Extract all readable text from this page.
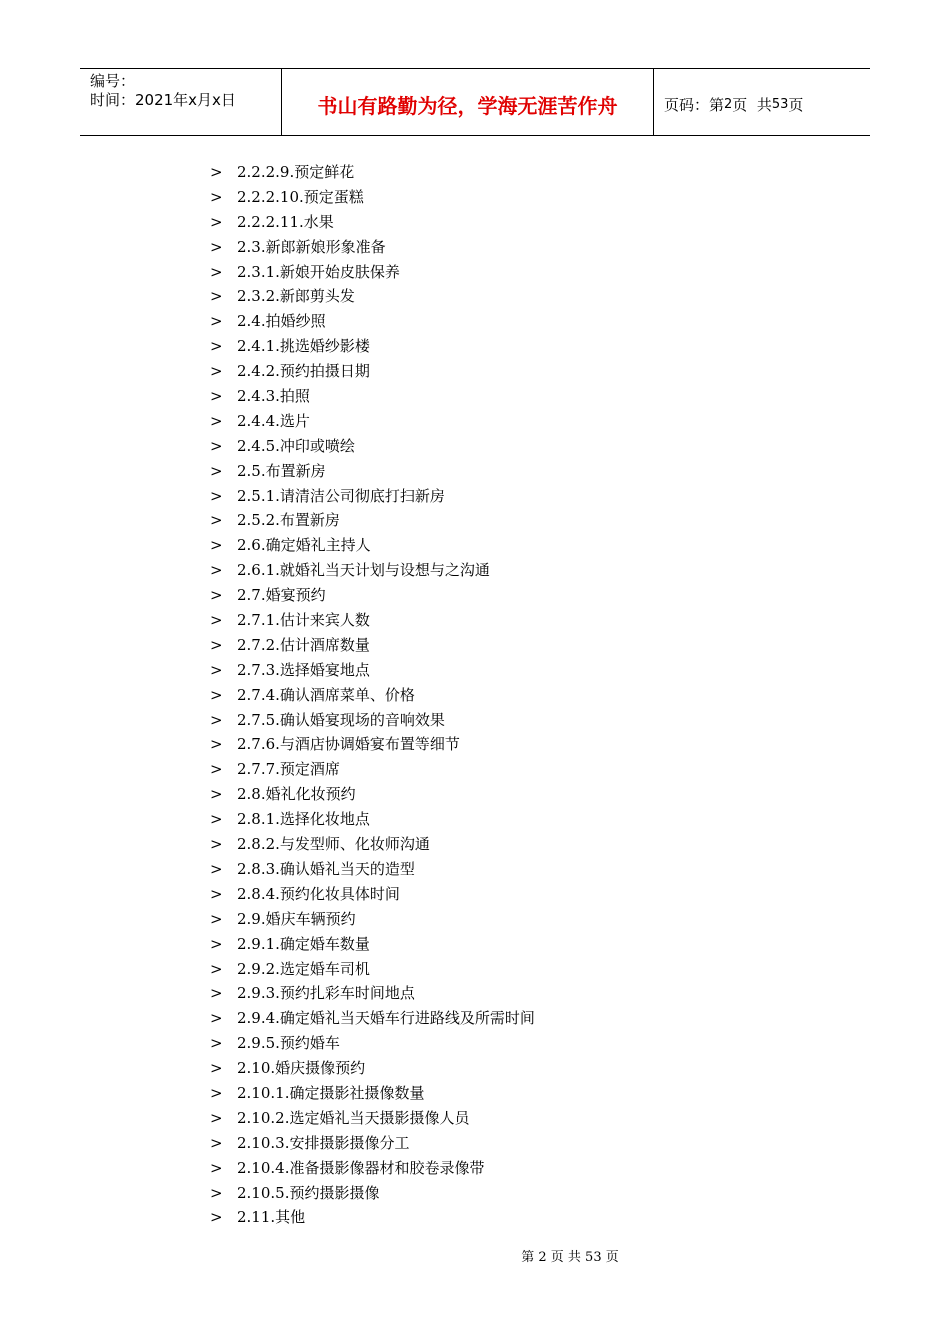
编号：
时间：2021年x月x日	书山有路勤为径，学海无涯苦作舟	页码：第 2 页  共 53 页
> 2.2.2.9.预定鲜花
> 2.2.2.10.预定蛋糕
> 2.2.2.11.水果
> 2.3.新郎新娘形象准备
> 2.3.1.新娘开始皮肤保养
> 2.3.2.新郎剪头发
> 2.4.拍婚纱照
> 2.4.1.挑选婚纱影楼
> 2.4.2.预约拍摄日期
> 2.4.3.拍照
> 2.4.4.选片
> 2.4.5.冲印或喷绘
> 2.5.布置新房
> 2.5.1.请清洁公司彻底打扫新房
> 2.5.2.布置新房
> 2.6.确定婚礼主持人
> 2.6.1.就婚礼当天计划与设想与之沟通
> 2.7.婚宴预约
> 2.7.1.估计来宾人数
> 2.7.2.估计酒席数量
> 2.7.3.选择婚宴地点
> 2.7.4.确认酒席菜单、价格
> 2.7.5.确认婚宴现场的音响效果
> 2.7.6.与酒店协调婚宴布置等细节
> 2.7.7.预定酒席
> 2.8.婚礼化妆预约
> 2.8.1.选择化妆地点
> 2.8.2.与发型师、化妆师沟通
> 2.8.3.确认婚礼当天的造型
> 2.8.4.预约化妆具体时间
> 2.9.婚庆车辆预约
> 2.9.1.确定婚车数量
> 2.9.2.选定婚车司机
> 2.9.3.预约扎彩车时间地点
> 2.9.4.确定婚礼当天婚车行进路线及所需时间
> 2.9.5.预约婚车
> 2.10.婚庆摄像预约
> 2.10.1.确定摄影社摄像数量
> 2.10.2.选定婚礼当天摄影摄像人员
> 2.10.3.安排摄影摄像分工
> 2.10.4.准备摄影像器材和胶卷录像带
> 2.10.5.预约摄影摄像
> 2.11.其他
第 2 页 共 53 页
